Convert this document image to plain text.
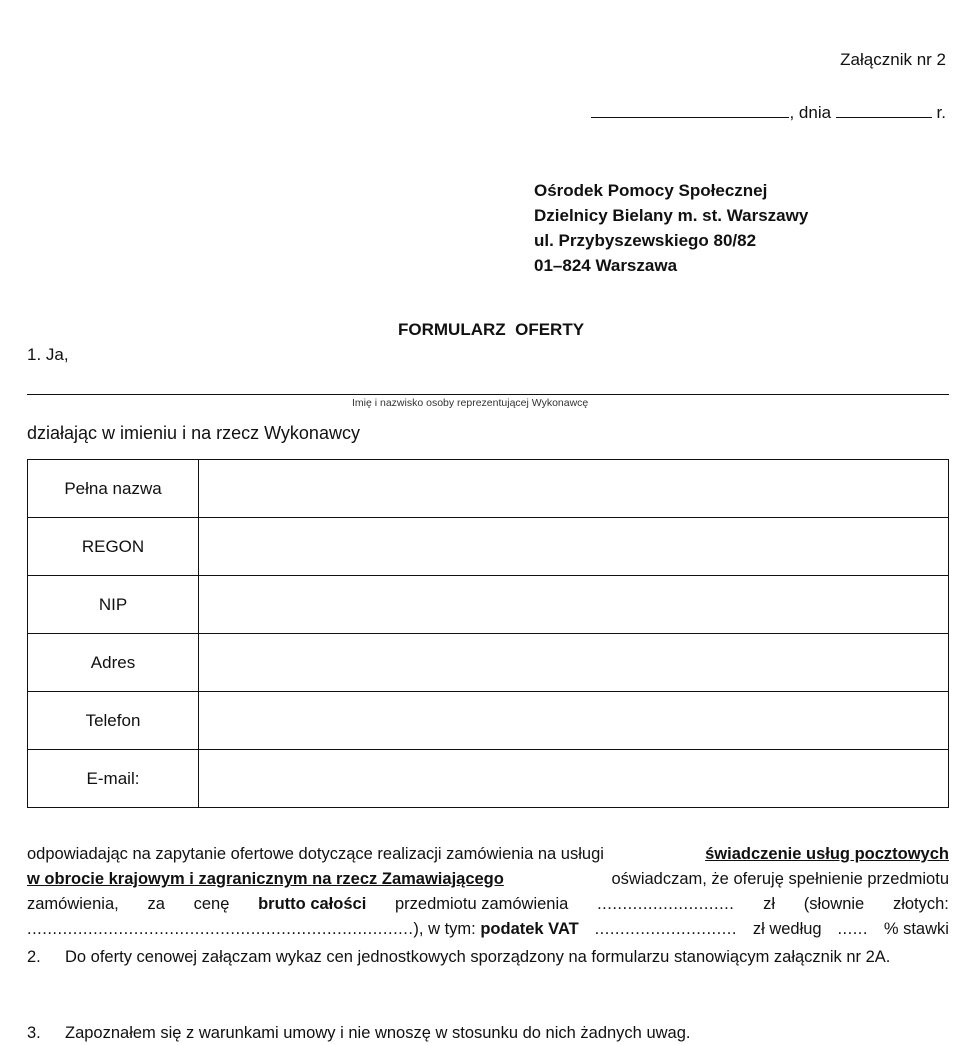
Załącznik nr 2
, dnia	r.
Ośrodek Pomocy Społecznej
Dzielnicy Bielany m. st. Warszawy
ul. Przybyszewskiego 80/82
01–824 Warszawa
FORMULARZ  OFERTY
1. Ja,
Imię i nazwisko osoby reprezentującej Wykonawcę
działając w imieniu i na rzecz Wykonawcy
Pełna nazwa	
REGON	
NIP	
Adres	
Telefon	
E-mail:	
odpowiadając na zapytanie ofertowe dotyczące realizacji zamówienia na usługi	świadczenie usług pocztowych
w obrocie krajowym i zagranicznym na rzecz Zamawiającego	oświadczam, że oferuję spełnienie przedmiotu
zamówienia, za cenę brutto całości przedmiotu zamówienia ........................... zł (słownie złotych:
............................................................................), w tym: podatek VAT ............................ zł według ...... % stawki
2.	Do oferty cenowej załączam wykaz cen jednostkowych sporządzony na formularzu stanowiącym załącznik nr 2A.
3.	Zapoznałem się z warunkami umowy i nie wnoszę w stosunku do nich żadnych uwag.
